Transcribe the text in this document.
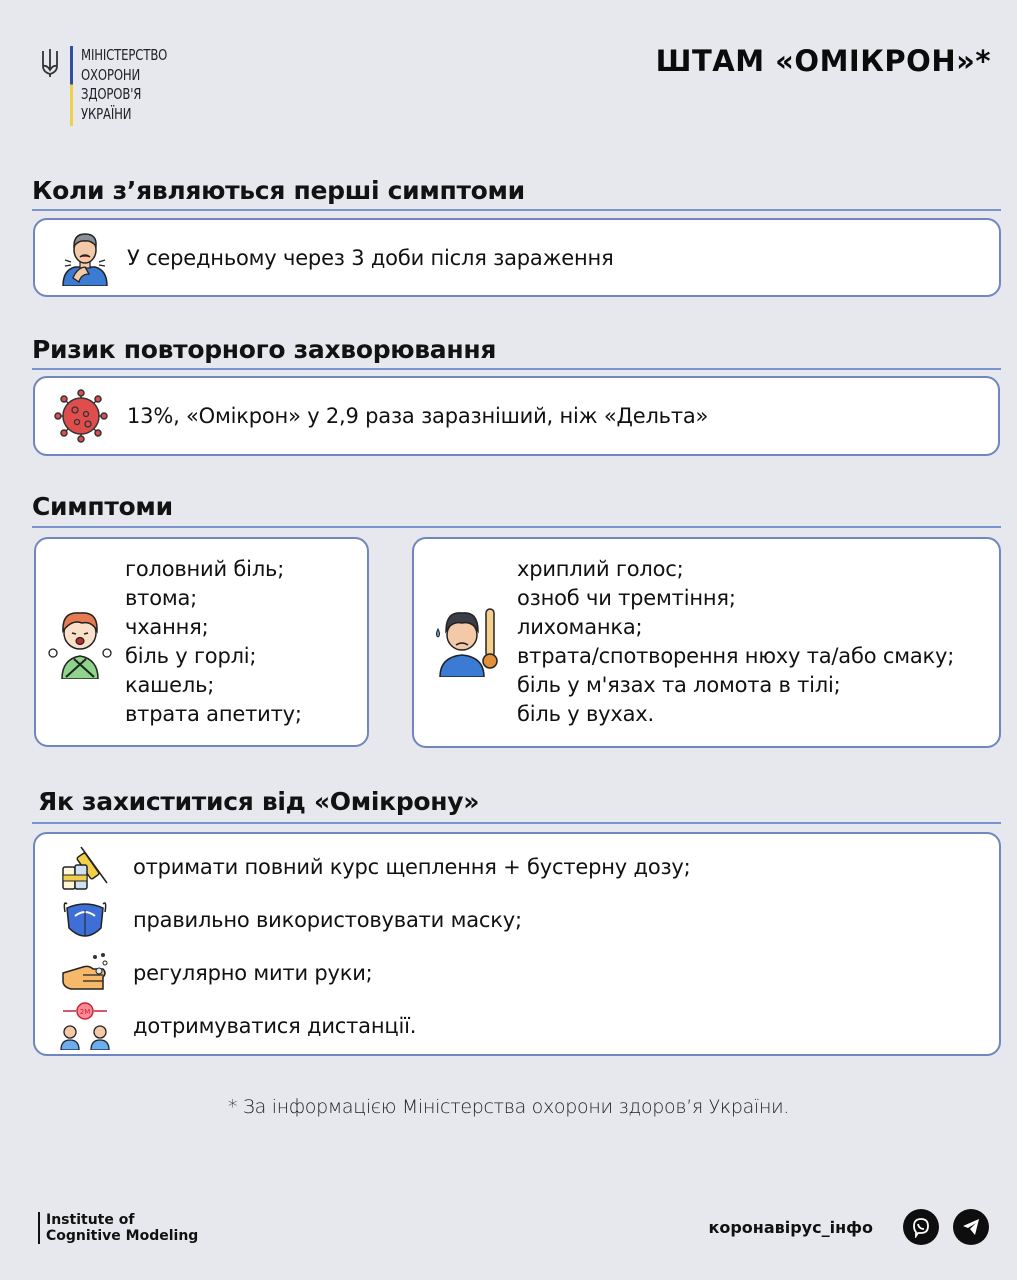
МІНІСТЕРСТВО
ОХОРОНИ
ЗДОРОВ'Я
УКРАЇНИ
ШТАМ «ОМІКРОН»*
Коли з’являються перші симптоми
У середньому через 3 доби після зараження
Ризик повторного захворювання
13%, «Омікрон» у 2,9 раза заразніший, ніж «Дельта»
Симптоми
головний біль;
втома;
чхання;
біль у горлі;
кашель;
втрата апетиту;
хриплий голос;
озноб чи тремтіння;
лихоманка;
втрата/спотворення нюху та/або смаку;
біль у м'язах та ломота в тілі;
біль у вухах.
Як захиститися від «Омікрону»
отримати повний курс щеплення + бустерну дозу;
правильно використовувати маску;
регулярно мити руки;
2M
дотримуватися дистанції.
* За інформацією Міністерства охорони здоров’я України.
Institute of
Cognitive Modeling	коронавірус_інфо
